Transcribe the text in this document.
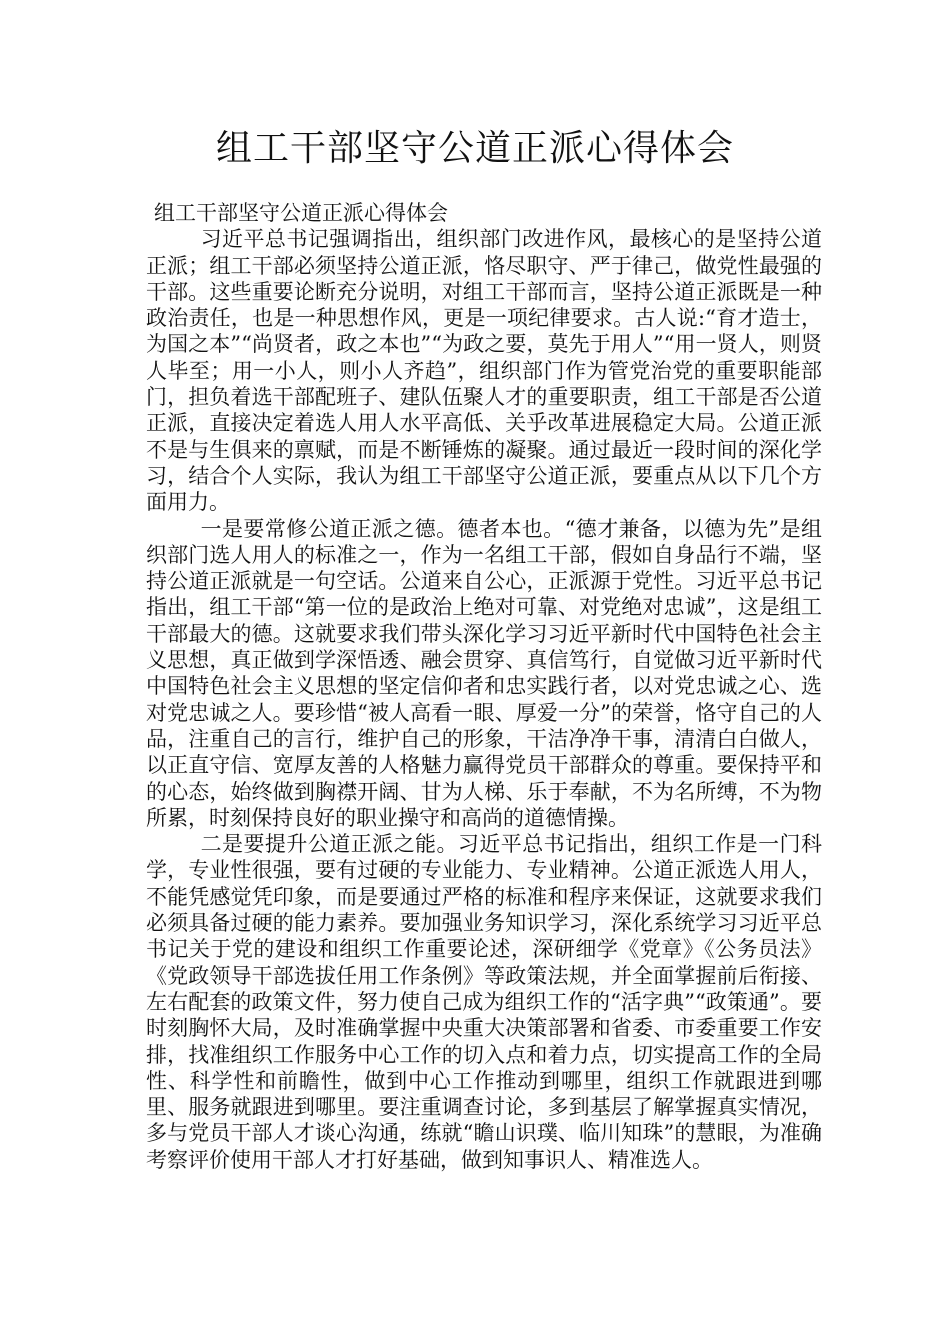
组工干部坚守公道正派心得体会

组工干部坚守公道正派心得体会

习近平总书记强调指出，组织部门改进作风，最核心的是坚持公道正派；组工干部必须坚持公道正派，恪尽职守、严于律己，做党性最强的干部。这些重要论断充分说明，对组工干部而言，坚持公道正派既是一种政治责任，也是一种思想作风，更是一项纪律要求。古人说:“育才造士，为国之本”“尚贤者，政之本也”“为政之要，莫先于用人”“用一贤人，则贤人毕至；用一小人，则小人齐趋”，组织部门作为管党治党的重要职能部门，担负着选干部配班子、建队伍聚人才的重要职责，组工干部是否公道正派，直接决定着选人用人水平高低、关乎改革进展稳定大局。公道正派不是与生俱来的禀赋，而是不断锤炼的凝聚。通过最近一段时间的深化学习，结合个人实际，我认为组工干部坚守公道正派，要重点从以下几个方面用力。

一是要常修公道正派之德。德者本也。“德才兼备，以德为先”是组织部门选人用人的标准之一，作为一名组工干部，假如自身品行不端，坚持公道正派就是一句空话。公道来自公心，正派源于党性。习近平总书记指出，组工干部“第一位的是政治上绝对可靠、对党绝对忠诚”，这是组工干部最大的德。这就要求我们带头深化学习习近平新时代中国特色社会主义思想，真正做到学深悟透、融会贯穿、真信笃行，自觉做习近平新时代中国特色社会主义思想的坚定信仰者和忠实践行者，以对党忠诚之心、选对党忠诚之人。要珍惜“被人高看一眼、厚爱一分”的荣誉，恪守自己的人品，注重自己的言行，维护自己的形象，干洁净净干事，清清白白做人，以正直守信、宽厚友善的人格魅力赢得党员干部群众的尊重。要保持平和的心态，始终做到胸襟开阔、甘为人梯、乐于奉献，不为名所缚，不为物所累，时刻保持良好的职业操守和高尚的道德情操。

二是要提升公道正派之能。习近平总书记指出，组织工作是一门科学，专业性很强，要有过硬的专业能力、专业精神。公道正派选人用人，不能凭感觉凭印象，而是要通过严格的标准和程序来保证，这就要求我们必须具备过硬的能力素养。要加强业务知识学习，深化系统学习习近平总书记关于党的建设和组织工作重要论述，深研细学《党章》《公务员法》《党政领导干部选拔任用工作条例》等政策法规，并全面掌握前后衔接、左右配套的政策文件，努力使自己成为组织工作的“活字典”“政策通”。要时刻胸怀大局，及时准确掌握中央重大决策部署和省委、市委重要工作安排，找准组织工作服务中心工作的切入点和着力点，切实提高工作的全局性、科学性和前瞻性，做到中心工作推动到哪里，组织工作就跟进到哪里、服务就跟进到哪里。要注重调查讨论，多到基层了解掌握真实情况，多与党员干部人才谈心沟通，练就“瞻山识璞、临川知珠”的慧眼，为准确考察评价使用干部人才打好基础，做到知事识人、精准选人。
